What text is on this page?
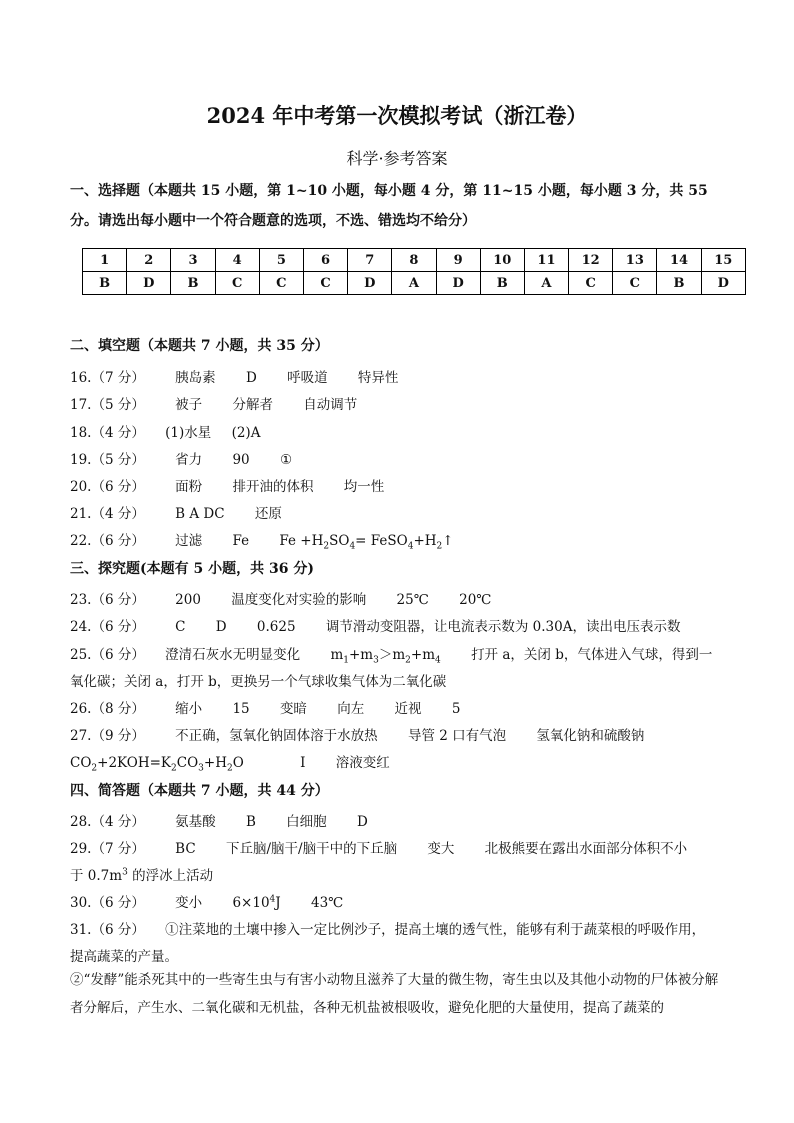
2024 年中考第一次模拟考试（浙江卷）
科学·参考答案
一、选择题（本题共 15 小题，第 1~10 小题，每小题 4 分，第 11~15 小题，每小题 3 分，共 55
分。请选出每小题中一个符合题意的选项，不选、错选均不给分）
1	2	3	4	5	6	7	8	9	10	11	12	13	14	15
B	D	B	C	C	C	D	A	D	B	A	C	C	B	D
二、填空题（本题共 7 小题，共 35 分）
16.（7 分） 胰岛素 D 呼吸道 特异性
17.（5 分） 被子 分解者 自动调节
18.（4 分） (1)水星 (2)A
19.（5 分） 省力 90 ①
20.（6 分） 面粉 排开油的体积 均一性
21.（4 分） B A DC 还原
22.（6 分） 过滤 Fe $Fe +H_2SO_4=$ $FeSO_4+H_2↑$
三、探究题(本题有 5 小题，共 36 分)
23.（6 分） 200 温度变化对实验的影响 25℃ 20℃
24.（6 分） C D 0.625 调节滑动变阻器，让电流表示数为 0.30A，读出电压表示数
25.（6 分） 澄清石灰水无明显变化 $m_1+m_3>m_2+m_4$ 打开 a，关闭 b，气体进入气球，得到一
氧化碳；关闭 a，打开 b，更换另一个气球收集气体为二氧化碳
26.（8 分） 缩小 15 变暗 向左 近视 5
27.（9 分） 不正确，氢氧化钠固体溶于水放热 导管 2 口有气泡 氢氧化钠和硫酸钠
$CO_2+2KOH=K_2CO_3+H_2O$	I 溶液变红
四、简答题（本题共 7 小题，共 44 分）
28.（4 分） 氨基酸 B 白细胞 D
29.（7 分） BC 下丘脑/脑干/脑干中的下丘脑 变大 北极熊要在露出水面部分体积不小
于 $0.7m^3$ 的浮冰上活动
30.（6 分） 变小 $6\times 10^4J$ 43℃
31.（6 分） ①注菜地的土壤中掺入一定比例沙子，提高土壤的透气性，能够有利于蔬菜根的呼吸作用，
提高蔬菜的产量。
②“发酵”能杀死其中的一些寄生虫与有害小动物且滋养了大量的微生物，寄生虫以及其他小动物的尸体被分解者分解后，产生水、二氧化碳和无机盐，各种无机盐被根吸收，避免化肥的大量使用，提高了蔬菜的
